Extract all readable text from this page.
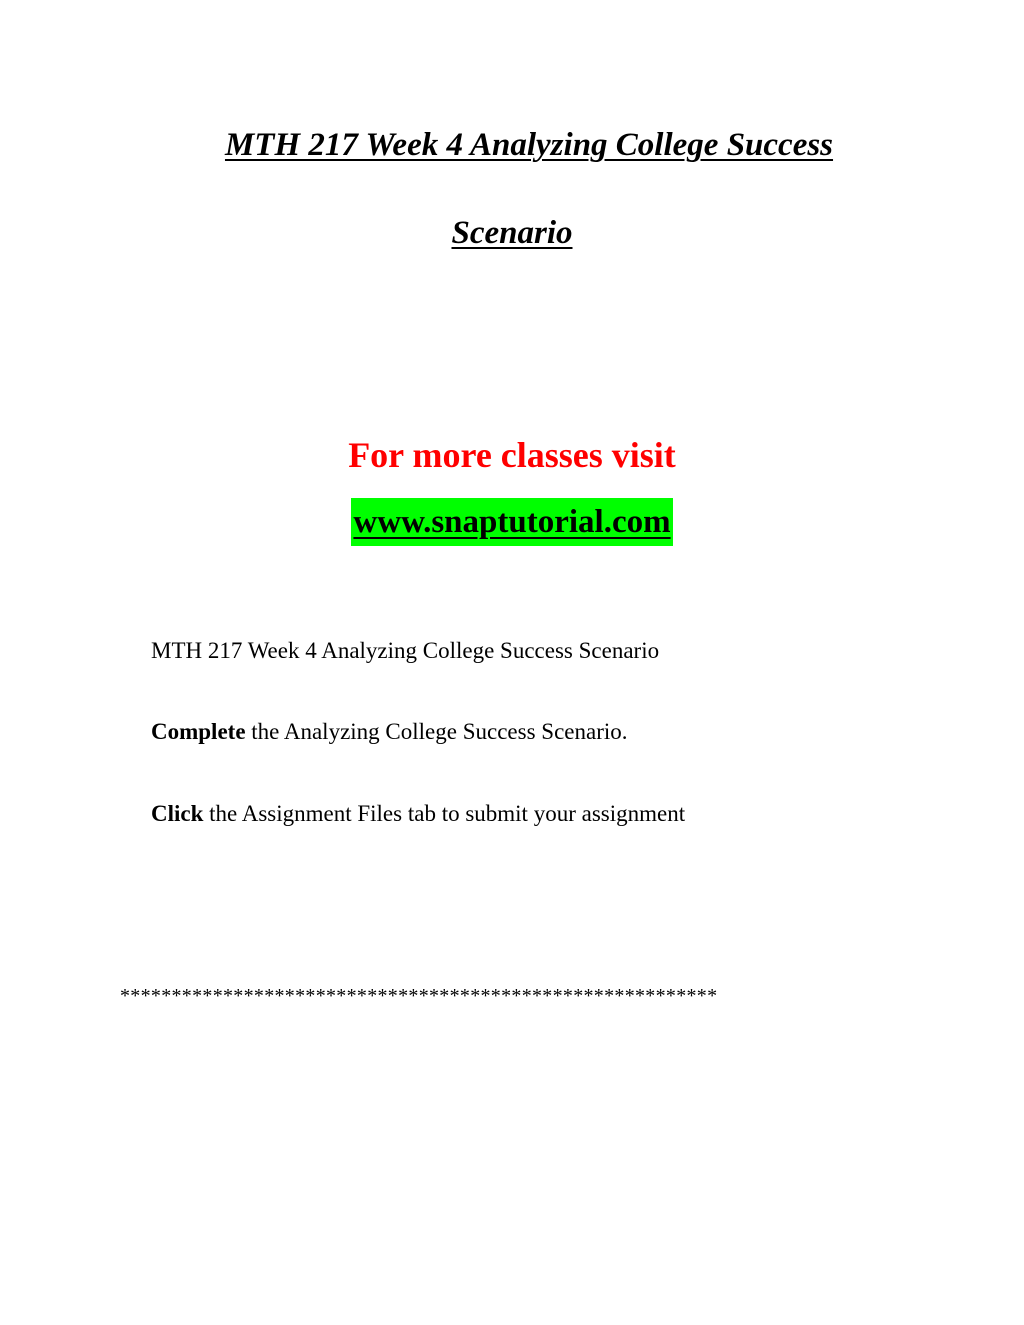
MTH 217 Week 4 Analyzing College Success
Scenario

For more classes visit

www.snaptutorial.com

MTH 217 Week 4 Analyzing College Success Scenario

Complete the Analyzing College Success Scenario.

Click the Assignment Files tab to submit your assignment

**********************************************************
